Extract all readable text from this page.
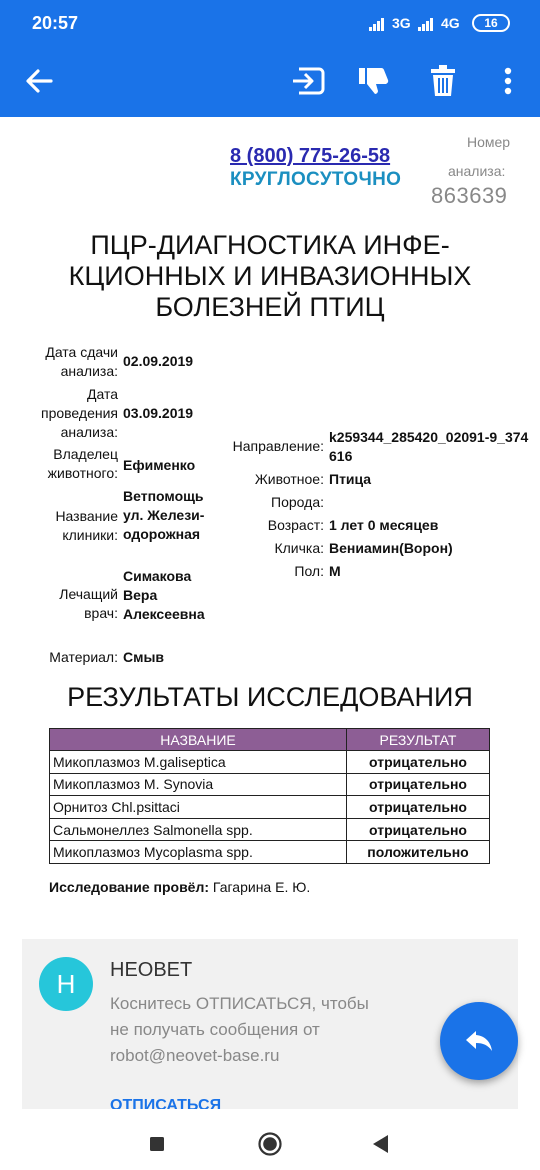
20:57	3G 4G	16
8 (800) 775-26-58
КРУГЛОСУТОЧНО
Номер
анализа:
863639
ПЦР-ДИАГНОСТИКА ИНФЕ-КЦИОННЫХ И ИНВАЗИОННЫХ БОЛЕЗНЕЙ ПТИЦ
Дата сдачи анализа:
02.09.2019
Дата проведения анализа:
03.09.2019
Владелец животного: Ефименко
Название клиники:
Ветпомощь ул. Желези-одорожная
Лечащий врач:
Симакова Вера Алексеевна
Материал: Смыв
Направление:
k259344_285420_02091-9_374616
Животное: Птица
Порода:
Возраст: 1 лет 0 месяцев
Кличка: Вениамин(Ворон)
Пол: М
РЕЗУЛЬТАТЫ ИССЛЕДОВАНИЯ
НАЗВАНИЕ	РЕЗУЛЬТАТ
Микоплазмоз M.galiseptica	отрицательно
Микоплазмоз M. Synovia	отрицательно
Орнитоз Chl.psittaci	отрицательно
Сальмонеллез Salmonella spp.	отрицательно
Микоплазмоз Mycoplasma spp.	положительно
Исследование провёл: Гагарина Е. Ю.
Н	НЕОВЕТ
Коснитесь ОТПИСАТЬСЯ, чтобы
не получать сообщения от
robot@neovet-base.ru
ОТПИСАТЬСЯ
